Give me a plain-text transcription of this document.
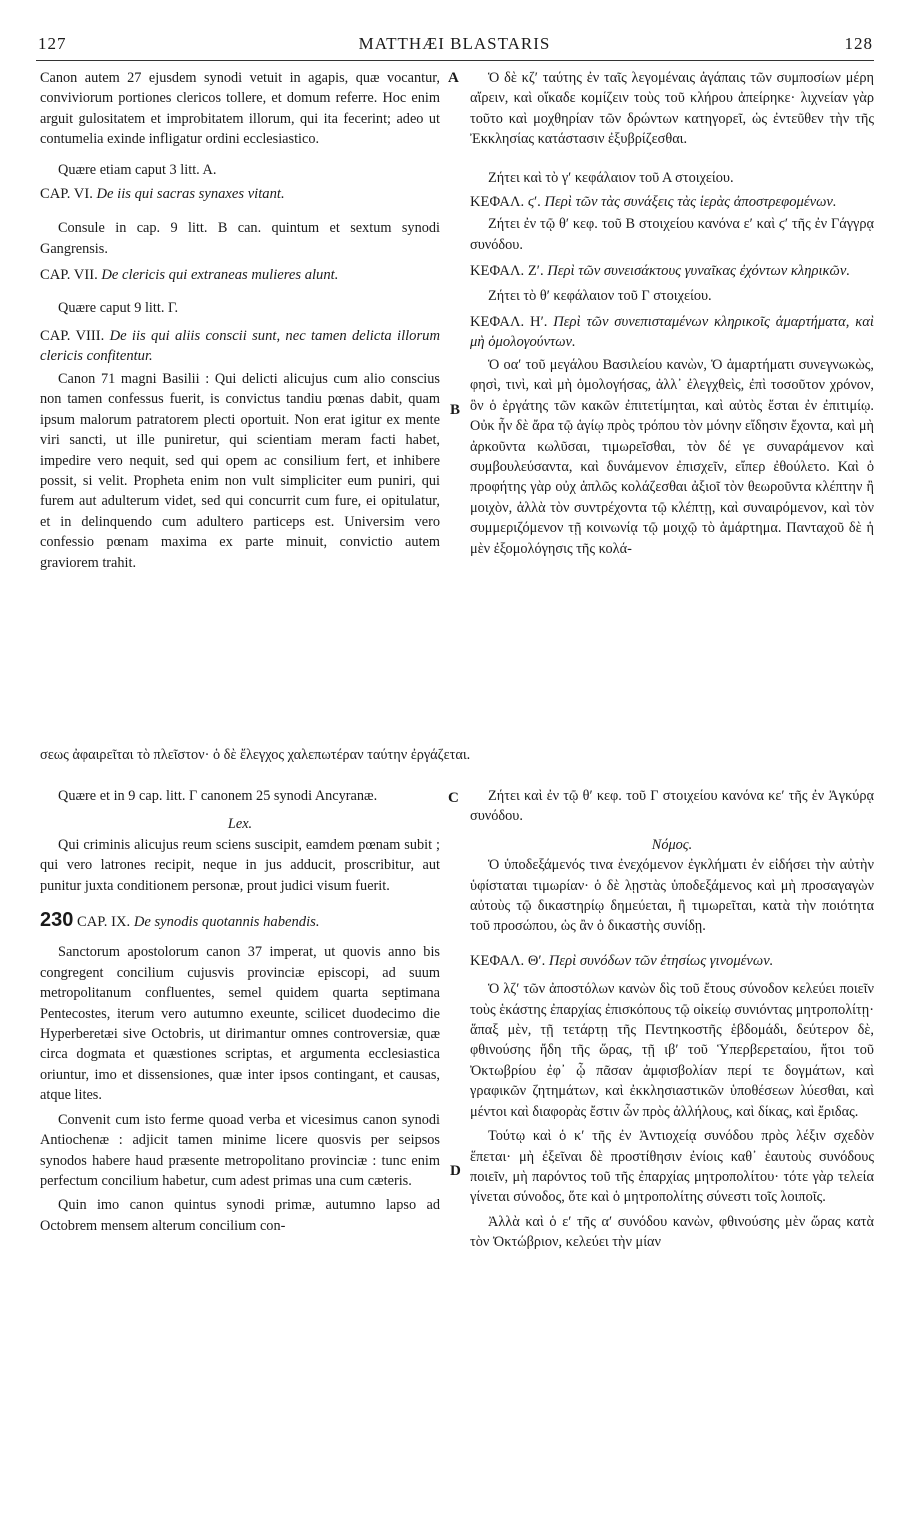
127	MATTHÆI BLASTARIS	128
A
B
C
D

Canon autem 27 ejusdem synodi vetuit in agapis, quæ vocantur, conviviorum portiones clericos tollere, et domum referre. Hoc enim arguit gulositatem et improbitatem illorum, qui ita fecerint; adeo ut contumelia exinde infligatur ordini ecclesiastico.

Quære etiam caput 3 litt. A.

CAP. VI. De iis qui sacras synaxes vitant.

Consule in cap. 9 litt. B can. quintum et sextum synodi Gangrensis.

CAP. VII. De clericis qui extraneas mulieres alunt.

Quære caput 9 litt. Γ.

CAP. VIII. De iis qui aliis conscii sunt, nec tamen delicta illorum clericis confitentur.

Canon 71 magni Basilii : Qui delicti alicujus cum alio conscius non tamen confessus fuerit, is convictus tandiu pœnas dabit, quam ipsum malorum patratorem plecti oportuit. Non erat igitur ex mente viri sancti, ut ille puniretur, qui scientiam meram facti habet, impedire vero nequit, sed qui opem ac consilium fert, et inhibere possit, si velit. Propheta enim non vult simpliciter eum puniri, qui furem aut adulterum videt, sed qui concurrit cum fure, ei opitulatur, et in delinquendo cum adultero particeps est. Universim vero confessio pœnam maxima ex parte minuit, convictio autem graviorem trahit.

Ὁ δὲ κζʹ ταύτης ἐν ταῖς λεγομέναις ἀγάπαις τῶν συμποσίων μέρη αἴρειν, καὶ οἴκαδε κομίζειν τοὺς τοῦ κλήρου ἀπείρηκε· λιχνείαν γὰρ τοῦτο καὶ μοχθηρίαν τῶν δρώντων κατηγορεῖ, ὡς ἐντεῦθεν τὴν τῆς Ἐκκλησίας κατάστασιν ἐξυβρίζεσθαι.

Ζήτει καὶ τὸ γʹ κεφάλαιον τοῦ Α στοιχείου.

ΚΕΦΑΛ. ϛʹ. Περὶ τῶν τὰς συνάξεις τὰς ἱερὰς ἀποστρεφομένων.

Ζήτει ἐν τῷ θʹ κεφ. τοῦ Β στοιχείου κανόνα εʹ καὶ ϛʹ τῆς ἐν Γάγγρᾳ συνόδου.

ΚΕΦΑΛ. Ζʹ. Περὶ τῶν συνεισάκτους γυναῖκας ἐχόντων κληρικῶν.

Ζήτει τὸ θʹ κεφάλαιον τοῦ Γ στοιχείου.

ΚΕΦΑΛ. Ηʹ. Περὶ τῶν συνεπισταμένων κληρικοῖς ἁμαρτήματα, καὶ μὴ ὁμολογούντων.

Ὁ οαʹ τοῦ μεγάλου Βασιλείου κανὼν, Ὁ ἁμαρτήματι συνεγνωκὼς, φησὶ, τινὶ, καὶ μὴ ὁμολογήσας, ἀλλ᾽ ἐλεγχθεὶς, ἐπὶ τοσοῦτον χρόνον, ὃν ὁ ἐργάτης τῶν κακῶν ἐπιτετίμηται, καὶ αὐτὸς ἔσται ἐν ἐπιτιμίῳ. Οὐκ ἦν δὲ ἄρα τῷ ἁγίῳ πρὸς τρόπου τὸν μόνην εἴδησιν ἔχοντα, καὶ μὴ ἀρκοῦντα κωλῦσαι, τιμωρεῖσθαι, τὸν δέ γε συναράμενον καὶ συμβουλεύσαντα, καὶ δυνάμενον ἐπισχεῖν, εἴπερ ἐθούλετο. Καὶ ὁ προφήτης γὰρ οὐχ ἁπλῶς κολάζεσθαι ἀξιοῖ τὸν θεωροῦντα κλέπτην ἢ μοιχὸν, ἀλλὰ τὸν συντρέχοντα τῷ κλέπτῃ, καὶ συναιρόμενον, καὶ τὸν συμμεριζόμενον τῇ κοινωνίᾳ τῷ μοιχῷ τὸ ἁμάρτημα. Πανταχοῦ δὲ ἡ μὲν ἐξομολόγησις τῆς κολά-

σεως ἀφαιρεῖται τὸ πλεῖστον· ὁ δὲ ἔλεγχος χαλεπωτέραν ταύτην ἐργάζεται.

Quære et in 9 cap. litt. Γ canonem 25 synodi Ancyranæ.

Lex.

Qui criminis alicujus reum sciens suscipit, eamdem pœnam subit ; qui vero latrones recipit, neque in jus adducit, proscribitur, aut punitur juxta conditionem personæ, prout judici visum fuerit.

230 CAP. IX. De synodis quotannis habendis.

Sanctorum apostolorum canon 37 imperat, ut quovis anno bis congregent concilium cujusvis provinciæ episcopi, ad suum metropolitanum confluentes, semel quidem quarta septimana Pentecostes, iterum vero autumno exeunte, scilicet duodecimo die Hyperberetæi sive Octobris, ut dirimantur omnes controversiæ, quæ circa dogmata et quæstiones scriptas, et argumenta ecclesiastica oriuntur, imo et dissensiones, quæ inter ipsos contingant, et causas, atque lites.

Convenit cum isto ferme quoad verba et vicesimus canon synodi Antiochenæ : adjicit tamen minime licere quosvis per seipsos synodos habere haud præsente metropolitano provinciæ : tunc enim perfectum concilium habetur, cum adest primas una cum cæteris.

Quin imo canon quintus synodi primæ, autumno lapso ad Octobrem mensem alterum concilium con-

Ζήτει καὶ ἐν τῷ θʹ κεφ. τοῦ Γ στοιχείου κανόνα κεʹ τῆς ἐν Ἀγκύρᾳ συνόδου.

Νόμος.

Ὁ ὑποδεξάμενός τινα ἐνεχόμενον ἐγκλήματι ἐν εἰδήσει τὴν αὐτὴν ὑφίσταται τιμωρίαν· ὁ δὲ λῃστὰς ὑποδεξάμενος καὶ μὴ προσαγαγὼν αὐτοὺς τῷ δικαστηρίῳ δημεύεται, ἢ τιμωρεῖται, κατὰ τὴν ποιότητα τοῦ προσώπου, ὡς ἂν ὁ δικαστὴς συνίδῃ.

ΚΕΦΑΛ. Θʹ. Περὶ συνόδων τῶν ἐτησίως γινομένων.

Ὁ λζʹ τῶν ἀποστόλων κανὼν δὶς τοῦ ἔτους σύνοδον κελεύει ποιεῖν τοὺς ἑκάστης ἐπαρχίας ἐπισκόπους τῷ οἰκείῳ συνιόντας μητροπολίτῃ· ἅπαξ μὲν, τῇ τετάρτῃ τῆς Πεντηκοστῆς ἑβδομάδι, δεύτερον δὲ, φθινούσης ἤδη τῆς ὥρας, τῇ ιβʹ τοῦ Ὑπερβερεταίου, ἤτοι τοῦ Ὀκτωβρίου ἐφ᾽ ᾧ πᾶσαν ἀμφισβολίαν περί τε δογμάτων, καὶ γραφικῶν ζητημάτων, καὶ ἐκκλησιαστικῶν ὑποθέσεων λύεσθαι, καὶ μέντοι καὶ διαφορὰς ἔστιν ὧν πρὸς ἀλλήλους, καὶ δίκας, καὶ ἔριδας.

Τούτῳ καὶ ὁ κʹ τῆς ἐν Ἀντιοχείᾳ συνόδου πρὸς λέξιν σχεδὸν ἕπεται· μὴ ἐξεῖναι δὲ προστίθησιν ἐνίοις καθ᾽ ἑαυτοὺς συνόδους ποιεῖν, μὴ παρόντος τοῦ τῆς ἐπαρχίας μητροπολίτου· τότε γὰρ τελεία γίνεται σύνοδος, ὅτε καὶ ὁ μητροπολίτης σύνεστι τοῖς λοιποῖς.

Ἀλλὰ καὶ ὁ εʹ τῆς αʹ συνόδου κανὼν, φθινούσης μὲν ὥρας κατὰ τὸν Ὀκτώβριον, κελεύει τὴν μίαν
